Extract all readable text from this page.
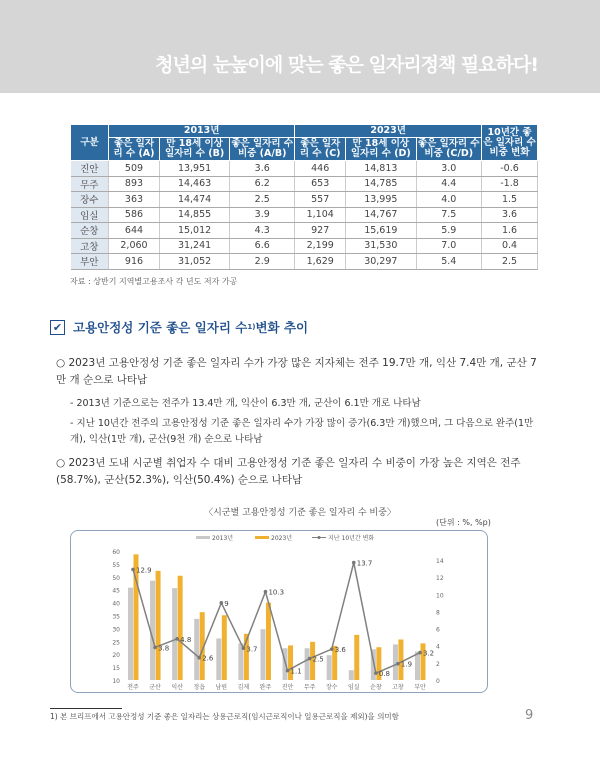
청년의 눈높이에 맞는 좋은 일자리정책 필요하다!
구분	2013년			2023년			10년간 좋은 일자리 수 비중 변화
	좋은 일자리 수 (A)	만 18세 이상 일자리 수 (B)	좋은 일자리 수 비중 (A/B)	좋은 일자리 수 (C)	만 18세 이상 일자리 수 (D)	좋은 일자리 수 비중 (C/D)	
진안	509	13,951	3.6	446	14,813	3.0	-0.6
무주	893	14,463	6.2	653	14,785	4.4	-1.8
장수	363	14,474	2.5	557	13,995	4.0	1.5
임실	586	14,855	3.9	1,104	14,767	7.5	3.6
순창	644	15,012	4.3	927	15,619	5.9	1.6
고창	2,060	31,241	6.6	2,199	31,530	7.0	0.4
부안	916	31,052	2.9	1,629	30,297	5.4	2.5
자료 : 상반기 지역별고용조사 각 년도 저자 가공
✔ 고용안정성 기준 좋은 일자리 수 1) 변화 추이
○ 2023년 고용안정성 기준 좋은 일자리 수가 가장 많은 지자체는 전주 19.7만 개, 익산 7.4만 개, 군산 7만 개 순으로 나타남
- 2013년 기준으로는 전주가 13.4만 개, 익산이 6.3만 개, 군산이 6.1만 개로 나타남
- 지난 10년간 전주의 고용안정성 기준 좋은 일자리 수가 가장 많이 증가(6.3만 개)했으며, 그 다음으로 완주(1만 개), 익산(1만 개), 군산(9천 개) 순으로 나타남
○ 2023년 도내 시군별 취업자 수 대비 고용안정성 기준 좋은 일자리 수 비중이 가장 높은 지역은 전주(58.7%), 군산(52.3%), 익산(50.4%) 순으로 나타남
〈시군별 고용안정성 기준 좋은 일자리 수 비중〉
(단위 : %, %p)
10
15
20
25
30
35
40
45
50
55
60
0
2
4
6
8
10
12
14
전주 군산 익산 정읍 남원 김제 완주 진안 무주 장수 임실 순창 고창 부안
12.9
3.8
4.8
2.6
9
3.7
10.3
1.1
2.5
3.6
13.7
0.8
1.9
3.2
2013년	2023년	지난 10년간 변화
1) 본 브리프에서 고용안정성 기준 좋은 일자리는 상용근로직(임시근로직이나 일용근로직을 제외)을 의미함	9
